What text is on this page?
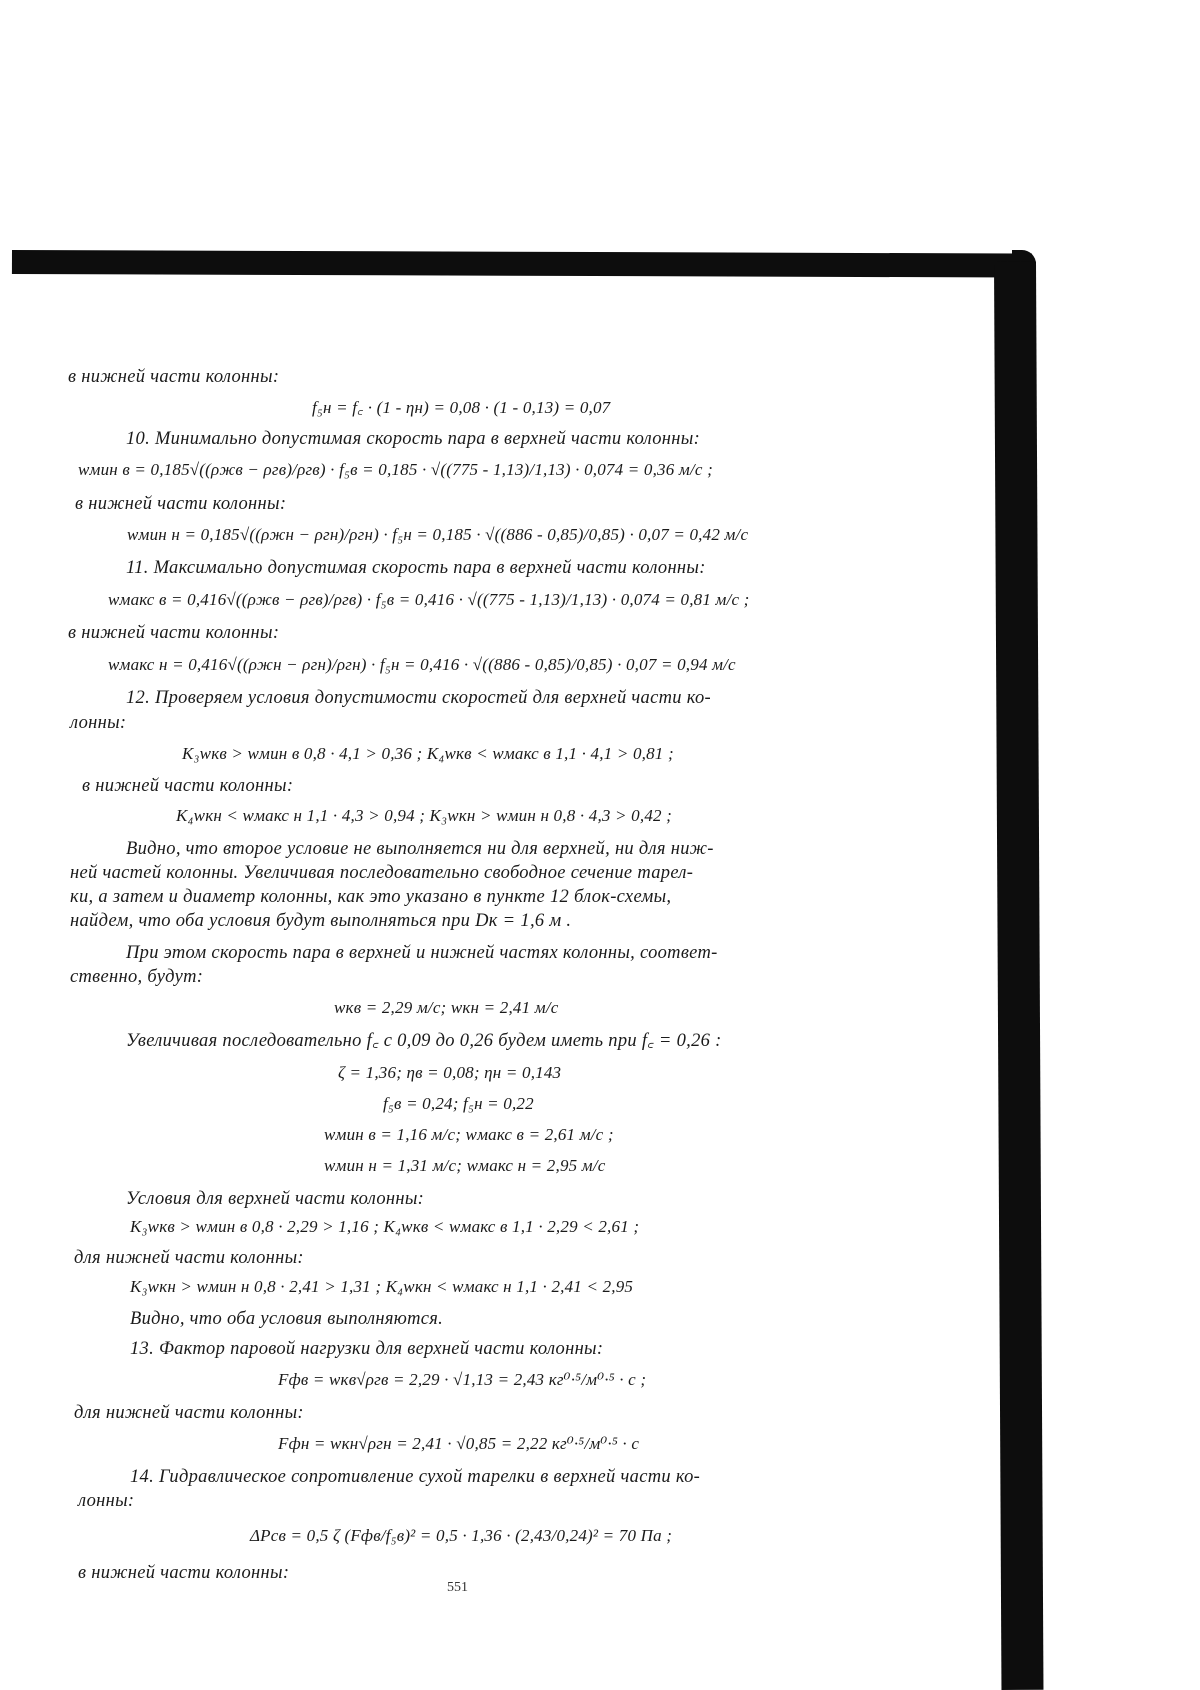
в нижней части колонны:
f₅н = f꜀ · (1 - ηн) = 0,08 · (1 - 0,13) = 0,07
10. Минимально допустимая скорость пара в верхней части колонны:
wмин в = 0,185√((ρжв − ρгв)/ρгв) · f₅в = 0,185 · √((775 - 1,13)/1,13) · 0,074 = 0,36 м/с ;
в нижней части колонны:
wмин н = 0,185√((ρжн − ρгн)/ρгн) · f₅н = 0,185 · √((886 - 0,85)/0,85) · 0,07 = 0,42 м/с
11. Максимально допустимая скорость пара в верхней части колонны:
wмакс в = 0,416√((ρжв − ρгв)/ρгв) · f₅в = 0,416 · √((775 - 1,13)/1,13) · 0,074 = 0,81 м/с ;
в нижней части колонны:
wмакс н = 0,416√((ρжн − ρгн)/ρгн) · f₅н = 0,416 · √((886 - 0,85)/0,85) · 0,07 = 0,94 м/с
12. Проверяем условия допустимости скоростей для верхней части ко-
лонны:
K₃wкв > wмин в 0,8 · 4,1 > 0,36 ; K₄wкв < wмакс в 1,1 · 4,1 > 0,81 ;
в нижней части колонны:
K₄wкн < wмакс н 1,1 · 4,3 > 0,94 ; K₃wкн > wмин н 0,8 · 4,3 > 0,42 ;
Видно, что второе условие не выполняется ни для верхней, ни для ниж-
ней частей колонны. Увеличивая последовательно свободное сечение тарел-
ки, а затем и диаметр колонны, как это указано в пункте 12 блок-схемы,
найдем, что оба условия будут выполняться при Dк = 1,6 м .
При этом скорость пара в верхней и нижней частях колонны, соответ-
ственно, будут:
wкв = 2,29 м/с; wкн = 2,41 м/с
Увеличивая последовательно f꜀ с 0,09 до 0,26 будем иметь при f꜀ = 0,26 :
ζ = 1,36; ηв = 0,08; ηн = 0,143
f₅в = 0,24; f₅н = 0,22
wмин в = 1,16 м/с; wмакс в = 2,61 м/с ;
wмин н = 1,31 м/с; wмакс н = 2,95 м/с
Условия для верхней части колонны:
K₃wкв > wмин в 0,8 · 2,29 > 1,16 ; K₄wкв < wмакс в 1,1 · 2,29 < 2,61 ;
для нижней части колонны:
K₃wкн > wмин н 0,8 · 2,41 > 1,31 ; K₄wкн < wмакс н 1,1 · 2,41 < 2,95
Видно, что оба условия выполняются.
13. Фактор паровой нагрузки для верхней части колонны:
Fфв = wкв√ρгв = 2,29 · √1,13 = 2,43 кг⁰·⁵/м⁰·⁵ · с ;
для нижней части колонны:
Fфн = wкн√ρгн = 2,41 · √0,85 = 2,22 кг⁰·⁵/м⁰·⁵ · с
14. Гидравлическое сопротивление сухой тарелки в верхней части ко-
лонны:
ΔPсв = 0,5 ζ (Fфв/f₅в)² = 0,5 · 1,36 · (2,43/0,24)² = 70 Па ;
в нижней части колонны:
551
